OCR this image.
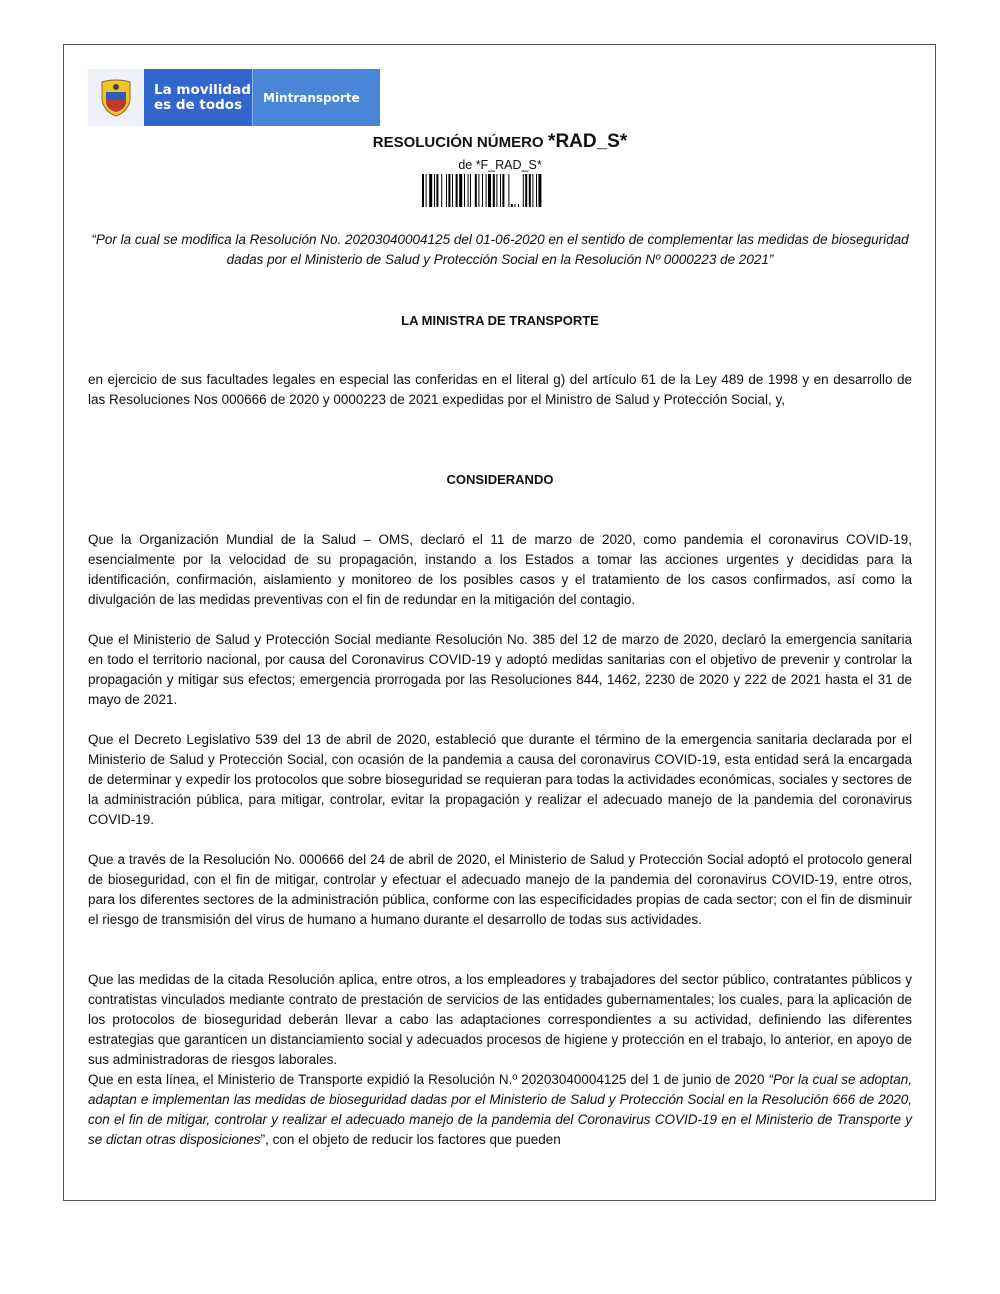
La movilidad
es de todos	Mintransporte
RESOLUCIÓN NÚMERO *RAD_S*
de *F_RAD_S*
“Por la cual se modifica la Resolución No. 20203040004125 del 01-06-2020 en el sentido de complementar las medidas de bioseguridad dadas por el Ministerio de Salud y Protección Social en la Resolución Nº 0000223 de 2021”
LA MINISTRA DE TRANSPORTE

en ejercicio de sus facultades legales en especial las conferidas en el literal g) del artículo 61 de la Ley 489 de 1998 y en desarrollo de las Resoluciones Nos 000666 de 2020 y 0000223 de 2021 expedidas por el Ministro de Salud y Protección Social, y,

CONSIDERANDO

Que la Organización Mundial de la Salud – OMS, declaró el 11 de marzo de 2020, como pandemia el coronavirus COVID-19, esencialmente por la velocidad de su propagación, instando a los Estados a tomar las acciones urgentes y decididas para la identificación, confirmación, aislamiento y monitoreo de los posibles casos y el tratamiento de los casos confirmados, así como la divulgación de las medidas preventivas con el fin de redundar en la mitigación del contagio.

Que el Ministerio de Salud y Protección Social mediante Resolución No. 385 del 12 de marzo de 2020, declaró la emergencia sanitaria en todo el territorio nacional, por causa del Coronavirus COVID-19 y adoptó medidas sanitarias con el objetivo de prevenir y controlar la propagación y mitigar sus efectos; emergencia prorrogada por las Resoluciones 844, 1462, 2230 de 2020 y 222 de 2021 hasta el 31 de mayo de 2021.

Que el Decreto Legislativo 539 del 13 de abril de 2020, estableció que durante el término de la emergencia sanitaria declarada por el Ministerio de Salud y Protección Social, con ocasión de la pandemia a causa del coronavirus COVID-19, esta entidad será la encargada de determinar y expedir los protocolos que sobre bioseguridad se requieran para todas la actividades económicas, sociales y sectores de la administración pública, para mitigar, controlar, evitar la propagación y realizar el adecuado manejo de la pandemia del coronavirus COVID-19.

Que a través de la Resolución No. 000666 del 24 de abril de 2020, el Ministerio de Salud y Protección Social adoptó el protocolo general de bioseguridad, con el fin de mitigar, controlar y efectuar el adecuado manejo de la pandemia del coronavirus COVID-19, entre otros, para los diferentes sectores de la administración pública, conforme con las especificidades propias de cada sector; con el fin de disminuir el riesgo de transmisión del virus de humano a humano durante el desarrollo de todas sus actividades.

Que las medidas de la citada Resolución aplica, entre otros, a los empleadores y trabajadores del sector público, contratantes públicos y contratistas vinculados mediante contrato de prestación de servicios de las entidades gubernamentales; los cuales, para la aplicación de los protocolos de bioseguridad deberán llevar a cabo las adaptaciones correspondientes a su actividad, definiendo las diferentes estrategias que garanticen un distanciamiento social y adecuados procesos de higiene y protección en el trabajo, lo anterior, en apoyo de sus administradoras de riesgos laborales.

Que en esta línea, el Ministerio de Transporte expidió la Resolución N.º 20203040004125 del 1 de junio de 2020 “Por la cual se adoptan, adaptan e implementan las medidas de bioseguridad dadas por el Ministerio de Salud y Protección Social en la Resolución 666 de 2020, con el fin de mitigar, controlar y realizar el adecuado manejo de la pandemia del Coronavirus COVID-19 en el Ministerio de Transporte y se dictan otras disposiciones”, con el objeto de reducir los factores que pueden
